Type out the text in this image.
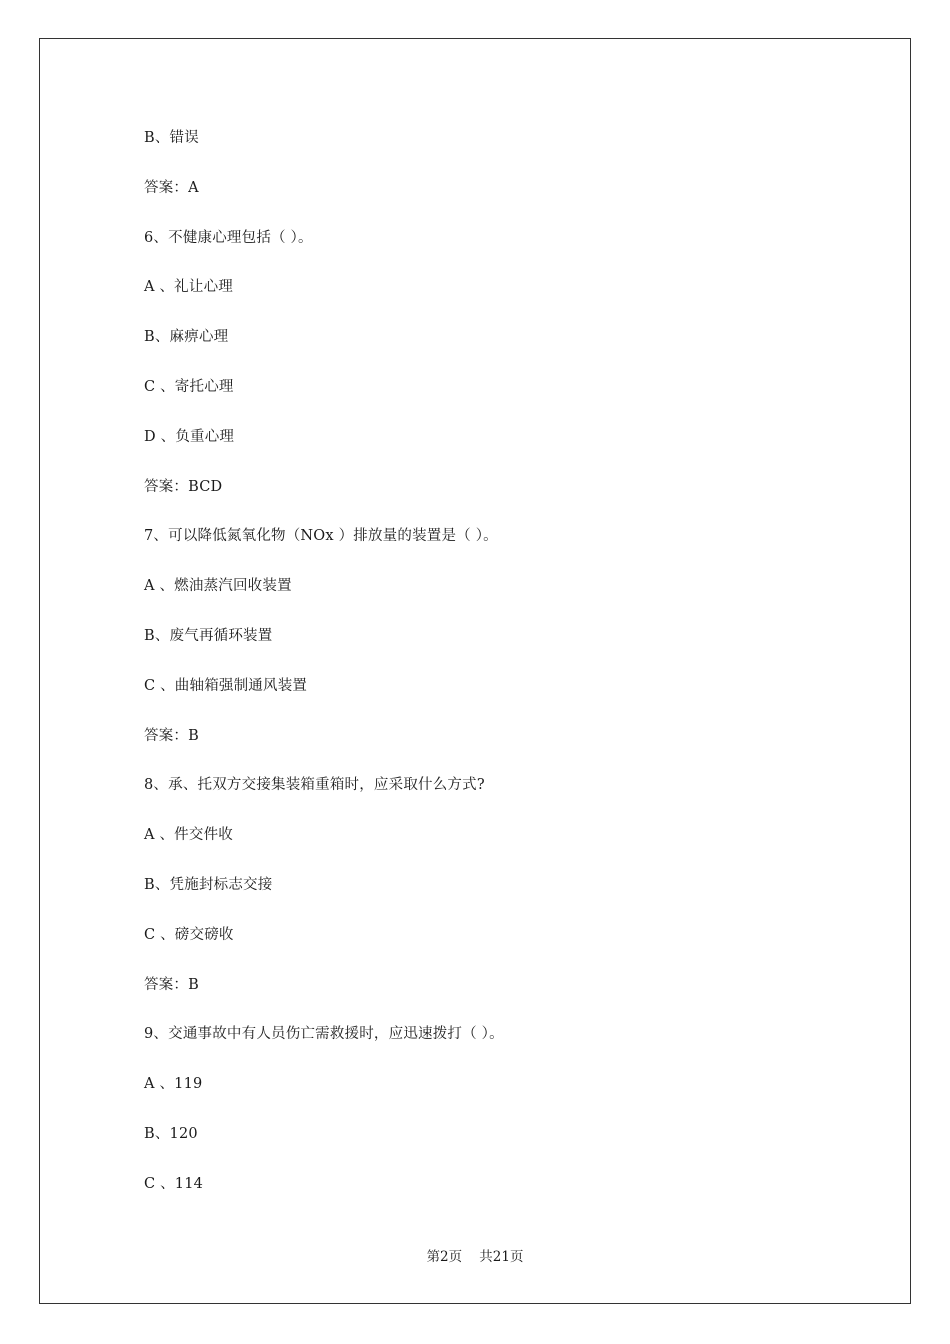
B、错误
答案：A
6、不健康心理包括（ ）。
A 、礼让心理
B、麻痹心理
C 、寄托心理
D 、负重心理
答案：BCD
7、可以降低氮氧化物（NOx ）排放量的装置是（ ）。
A 、燃油蒸汽回收装置
B、废气再循环装置
C 、曲轴箱强制通风装置
答案：B
8、承、托双方交接集装箱重箱时，应采取什么方式?
A 、件交件收
B、凭施封标志交接
C 、磅交磅收
答案：B
9、交通事故中有人员伤亡需救援时，应迅速拨打（ ）。
A 、119
B、120
C 、114
第2页    共21页
